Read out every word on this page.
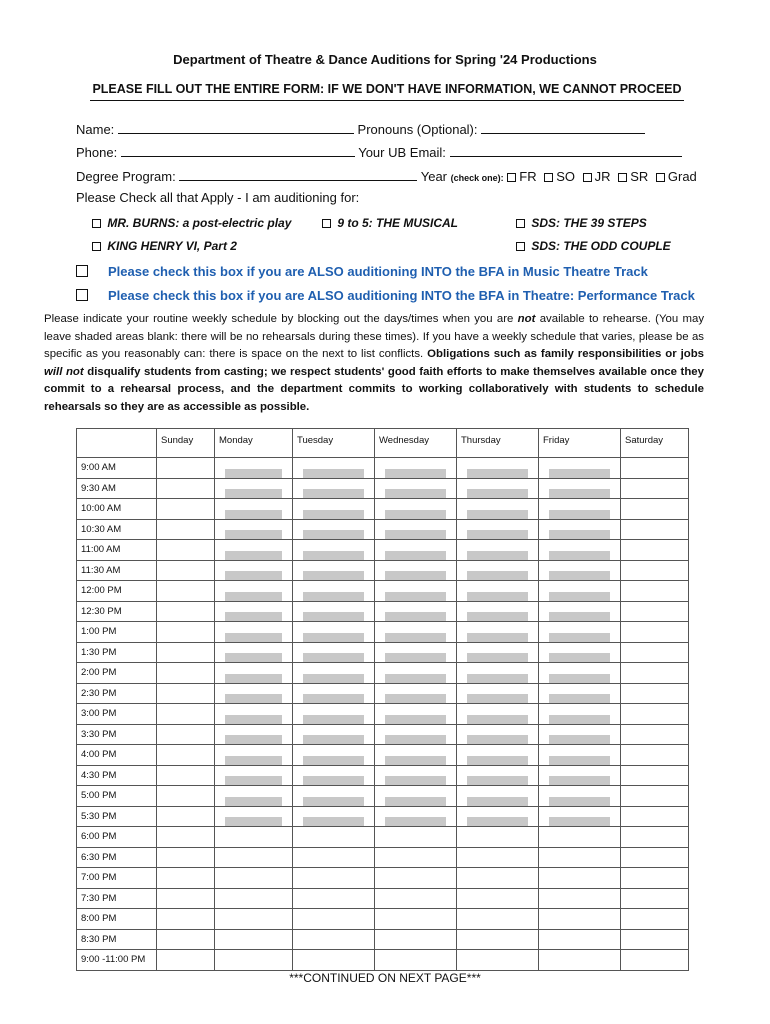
Department of Theatre & Dance Auditions for Spring '24 Productions
PLEASE FILL OUT THE ENTIRE FORM: IF WE DON'T HAVE INFORMATION, WE CANNOT PROCEED
Name:	Pronouns (Optional):
Phone:	Your UB Email:
Degree Program:	Year (check one): FR SO JR SR Grad
Please Check all that Apply - I am auditioning for:
MR. BURNS: a post-electric play	9 to 5: THE MUSICAL	SDS: THE 39 STEPS
KING HENRY VI, Part 2	SDS: THE ODD COUPLE
Please check this box if you are ALSO auditioning INTO the BFA in Music Theatre Track
Please check this box if you are ALSO auditioning INTO the BFA in Theatre: Performance Track
Please indicate your routine weekly schedule by blocking out the days/times when you are not available to rehearse. (You may leave shaded areas blank: there will be no rehearsals during these times). If you have a weekly schedule that varies, please be as specific as you reasonably can: there is space on the next to list conflicts. Obligations such as family responsibilities or jobs will not disqualify students from casting; we respect students' good faith efforts to make themselves available once they commit to a rehearsal process, and the department commits to working collaboratively with students to schedule rehearsals so they are as accessible as possible.
	Sunday	Monday	Tuesday	Wednesday	Thursday	Friday	Saturday
9:00 AM		

9:30 AM		

10:00 AM		

10:30 AM		

11:00 AM		

11:30 AM		

12:00 PM		

12:30 PM		

1:00 PM		

1:30 PM		

2:00 PM		

2:30 PM		

3:00 PM		

3:30 PM		

4:00 PM		

4:30 PM		

5:00 PM		

5:30 PM		

6:00 PM							
6:30 PM							
7:00 PM							
7:30 PM							
8:00 PM							
8:30 PM							
9:00 -11:00 PM							
***CONTINUED ON NEXT PAGE***
